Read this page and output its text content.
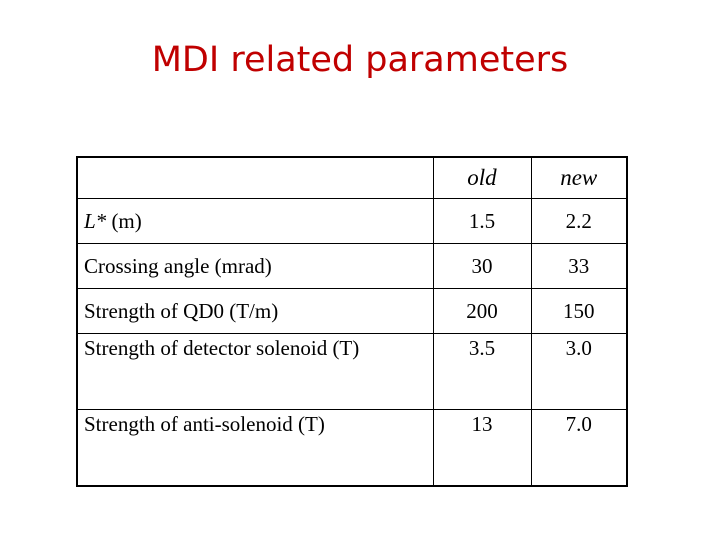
MDI related parameters
	old	new
L* (m)	1.5	2.2
Crossing angle (mrad)	30	33
Strength of QD0 (T/m)	200	150
Strength of detector solenoid (T)	3.5	3.0
Strength of anti-solenoid (T)	13	7.0
